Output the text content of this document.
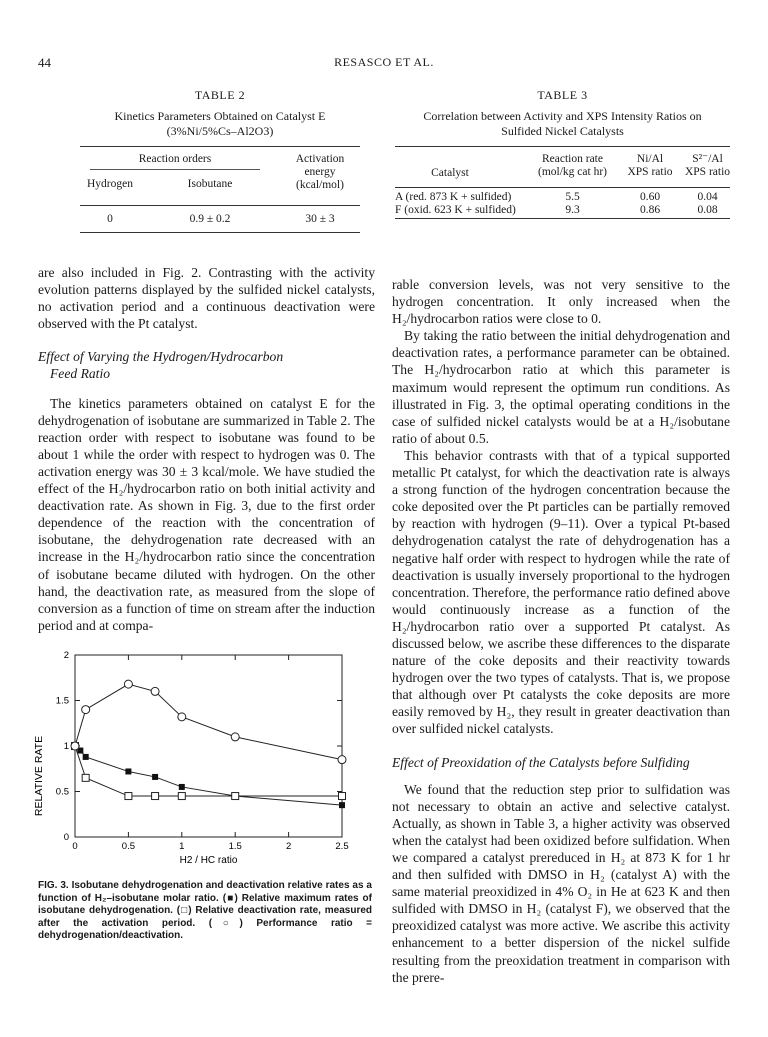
44	RESASCO ET AL.
TABLE 2
Kinetics Parameters Obtained on Catalyst E
(3%Ni/5%Cs–Al2O3)
Reaction orders
Hydrogen	Isobutane
Activation
energy
(kcal/mol)
0	0.9 ± 0.2	30 ± 3
TABLE 3
Correlation between Activity and XPS Intensity Ratios on
Sulfided Nickel Catalysts
Catalyst
Reaction rate
(mol/kg cat hr)
Ni/Al
XPS ratio
S²⁻/Al
XPS ratio
A (red. 873 K + sulfided)	5.5	0.60	0.04
F (oxid. 623 K + sulfided)	9.3	0.86	0.08

are also included in Fig. 2. Contrasting with the activity evolution patterns displayed by the sulfided nickel catalysts, no activation period and a continuous deactivation were observed with the Pt catalyst.

Effect of Varying the Hydrogen/Hydrocarbon

Feed Ratio

The kinetics parameters obtained on catalyst E for the dehydrogenation of isobutane are summarized in Table 2. The reaction order with respect to isobutane was found to be about 1 while the order with respect to hydrogen was 0. The activation energy was 30 ± 3 kcal/mole. We have studied the effect of the H₂/hydrocarbon ratio on both initial activity and deactivation rate. As shown in Fig. 3, due to the first order dependence of the reaction with the concentration of isobutane, the dehydrogenation rate decreased with an increase in the H₂/hydrocarbon ratio since the concentration of isobutane became diluted with hydrogen. On the other hand, the deactivation rate, as measured from the slope of conversion as a function of time on stream after the induction period and at compa-

rable conversion levels, was not very sensitive to the hydrogen concentration. It only increased when the H₂/hydrocarbon ratios were close to 0.

By taking the ratio between the initial dehydrogenation and deactivation rates, a performance parameter can be obtained. The H₂/hydrocarbon ratio at which this parameter is maximum would represent the optimum run conditions. As illustrated in Fig. 3, the optimal operating conditions in the case of sulfided nickel catalysts would be at a H₂/isobutane ratio of about 0.5.

This behavior contrasts with that of a typical supported metallic Pt catalyst, for which the deactivation rate is always a strong function of the hydrogen concentration because the coke deposited over the Pt particles can be partially removed by reaction with hydrogen (9–11). Over a typical Pt-based dehydrogenation catalyst the rate of dehydrogenation has a negative half order with respect to hydrogen while the rate of deactivation is usually inversely proportional to the hydrogen concentration. Therefore, the performance ratio defined above would continuously increase as a function of the H₂/hydrocarbon ratio over a supported Pt catalyst. As discussed below, we ascribe these differences to the disparate nature of the coke deposits and their reactivity towards hydrogen over the two types of catalysts. That is, we propose that although over Pt catalysts the coke deposits are more easily removed by H₂, they result in greater deactivation than over sulfided nickel catalysts.

Effect of Preoxidation of the Catalysts before Sulfiding

We found that the reduction step prior to sulfidation was not necessary to obtain an active and selective catalyst. Actually, as shown in Table 3, a higher activity was observed when the catalyst had been oxidized before sulfidation. When we compared a catalyst prereduced in H₂ at 873 K for 1 hr and then sulfided with DMSO in H₂ (catalyst A) with the same material preoxidized in 4% O₂ in He at 623 K and then sulfided with DMSO in H₂ (catalyst F), we observed that the preoxidized catalyst was more active. We ascribe this activity enhancement to a better dispersion of the nickel sulfide resulting from the preoxidation treatment in comparison with the prere-

0	0.5	1	1.5	2	2.5
0
0.5
1
1.5
2
H2 / HC ratio
RELATIVE RATE
FIG. 3. Isobutane dehydrogenation and deactivation relative rates as a function of H₂–isobutane molar ratio. (■) Relative maximum rates of isobutane dehydrogenation. (□) Relative deactivation rate, measured after the activation period. (○) Performance ratio = dehydrogenation/deactivation.
